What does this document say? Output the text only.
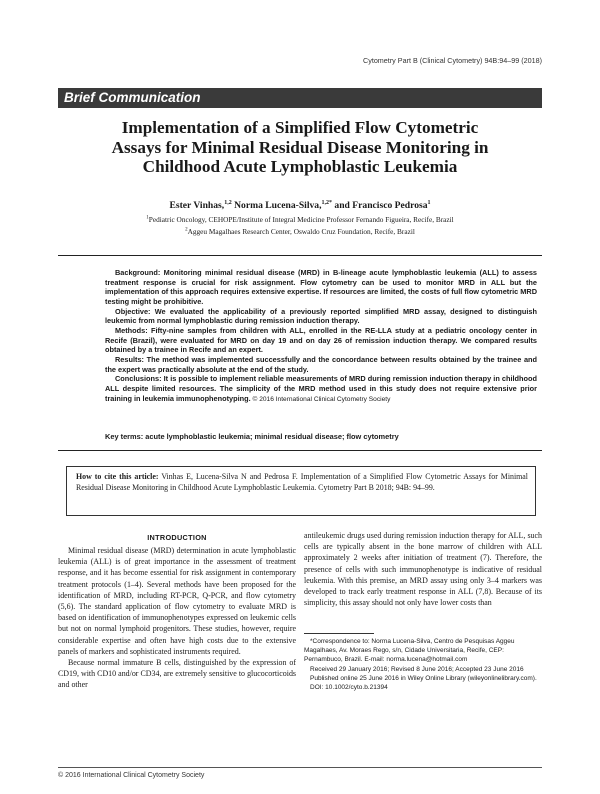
Cytometry Part B (Clinical Cytometry) 94B:94–99 (2018)
Brief Communication
Implementation of a Simplified Flow Cytometric Assays for Minimal Residual Disease Monitoring in Childhood Acute Lymphoblastic Leukemia
Ester Vinhas,$^{1,2}$ Norma Lucena-Silva,$^{1,2*}$ and Francisco Pedrosa$^1$
$^1$Pediatric Oncology, CEHOPE/Institute of Integral Medicine Professor Fernando Figueira, Recife, Brazil
$^2$Aggeu Magalhaes Research Center, Oswaldo Cruz Foundation, Recife, Brazil

Background: Monitoring minimal residual disease (MRD) in B-lineage acute lymphoblastic leukemia (ALL) to assess treatment response is crucial for risk assignment. Flow cytometry can be used to monitor MRD in ALL but the implementation of this approach requires extensive expertise. If resources are limited, the costs of full flow cytometric MRD testing might be prohibitive.

Objective: We evaluated the applicability of a previously reported simplified MRD assay, designed to distinguish leukemic from normal lymphoblastic during remission induction therapy.

Methods: Fifty-nine samples from children with ALL, enrolled in the RE-LLA study at a pediatric oncology center in Recife (Brazil), were evaluated for MRD on day 19 and on day 26 of remission induction therapy. We compared results obtained by a trainee in Recife and an expert.

Results: The method was implemented successfully and the concordance between results obtained by the trainee and the expert was practically absolute at the end of the study.

Conclusions: It is possible to implement reliable measurements of MRD during remission induction therapy in childhood ALL despite limited resources. The simplicity of the MRD method used in this study does not require extensive prior training in leukemia immunophenotyping. © 2016 International Clinical Cytometry Society

Key terms: acute lymphoblastic leukemia; minimal residual disease; flow cytometry
How to cite this article: Vinhas E, Lucena-Silva N and Pedrosa F. Implementation of a Simplified Flow Cytometric Assays for Minimal Residual Disease Monitoring in Childhood Acute Lymphoblastic Leukemia. Cytometry Part B 2018; 94B: 94–99.
INTRODUCTION

Minimal residual disease (MRD) determination in acute lymphoblastic leukemia (ALL) is of great importance in the assessment of treatment response, and it has become essential for risk assignment in contemporary treatment protocols (1–4). Several methods have been proposed for the identification of MRD, including RT-PCR, Q-PCR, and flow cytometry (5,6). The standard application of flow cytometry to evaluate MRD is based on identification of immunophenotypes expressed on leukemic cells but not on normal lymphoid progenitors. These studies, however, require considerable expertise and often have high costs due to the extensive panels of markers and sophisticated instruments required.

Because normal immature B cells, distinguished by the expression of CD19, with CD10 and/or CD34, are extremely sensitive to glucocorticoids and other

antileukemic drugs used during remission induction therapy for ALL, such cells are typically absent in the bone marrow of children with ALL approximately 2 weeks after initiation of treatment (7). Therefore, the presence of cells with such immunophenotype is indicative of residual leukemia. With this premise, an MRD assay using only 3–4 markers was developed to track early treatment response in ALL (7,8). Because of its simplicity, this assay should not only have lower costs than

*Correspondence to: Norma Lucena-Silva, Centro de Pesquisas Aggeu Magalhaes, Av. Moraes Rego, s/n, Cidade Universitaria, Recife, CEP: Pernambuco, Brazil. E-mail: norma.lucena@hotmail.com
Received 29 January 2016; Revised 8 June 2016; Accepted 23 June 2016
Published online 25 June 2016 in Wiley Online Library (wileyonlinelibrary.com).
DOI: 10.1002/cyto.b.21394
© 2016 International Clinical Cytometry Society
